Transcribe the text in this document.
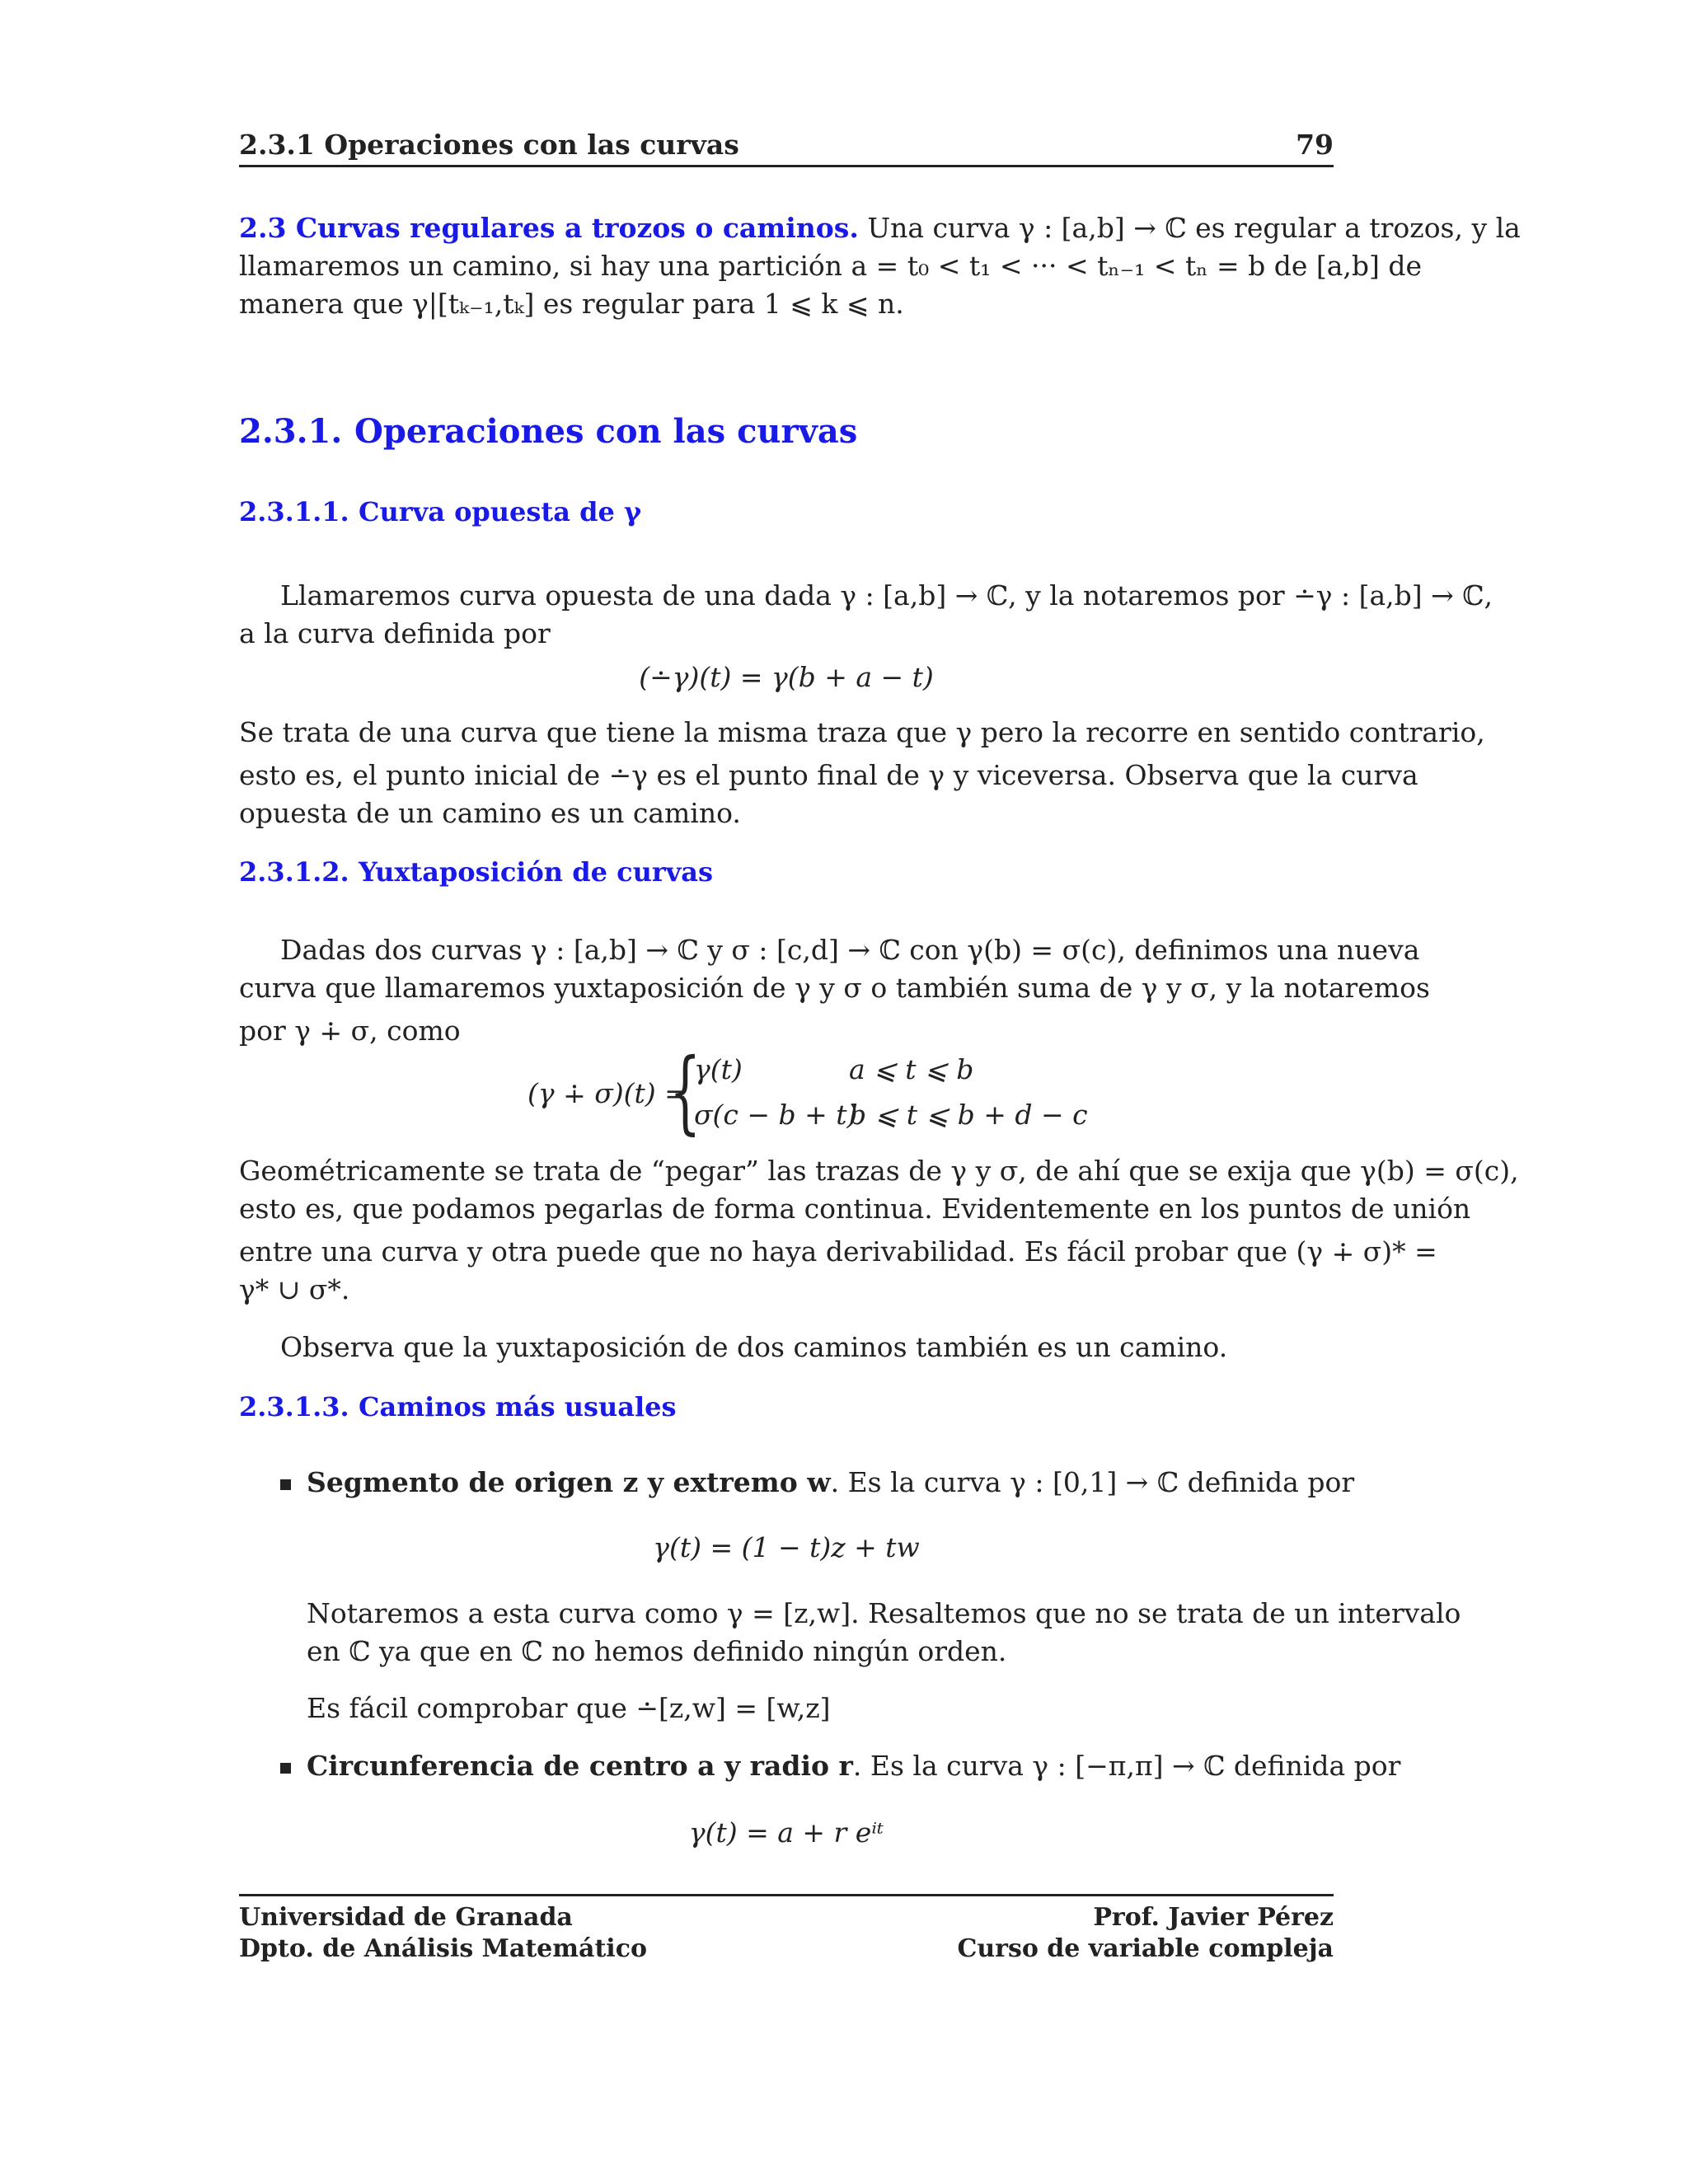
2.3.1 Operaciones con las curvas	79
2.3 Curvas regulares a trozos o caminos. Una curva γ : [a,b] → ℂ es regular a trozos, y la
llamaremos un camino, si hay una partición a = t₀ < t₁ < ··· < tₙ₋₁ < tₙ = b de [a,b] de
manera que γ|[tₖ₋₁,tₖ] es regular para 1 ⩽ k ⩽ n.
2.3.1. Operaciones con las curvas
2.3.1.1. Curva opuesta de γ
Llamaremos curva opuesta de una dada γ : [a,b] → ℂ, y la notaremos por ∸γ : [a,b] → ℂ,
a la curva definida por
(∸γ)(t) = γ(b + a − t)
Se trata de una curva que tiene la misma traza que γ pero la recorre en sentido contrario,
esto es, el punto inicial de ∸γ es el punto final de γ y viceversa. Observa que la curva
opuesta de un camino es un camino.
2.3.1.2. Yuxtaposición de curvas
Dadas dos curvas γ : [a,b] → ℂ y σ : [c,d] → ℂ con γ(b) = σ(c), definimos una nueva
curva que llamaremos yuxtaposición de γ y σ o también suma de γ y σ, y la notaremos
por γ ∔ σ, como
(γ ∔ σ)(t) =
{
γ(t)	a ⩽ t ⩽ b
σ(c − b + t)
b ⩽ t ⩽ b + d − c
Geométricamente se trata de “pegar” las trazas de γ y σ, de ahí que se exija que γ(b) = σ(c),
esto es, que podamos pegarlas de forma continua. Evidentemente en los puntos de unión
entre una curva y otra puede que no haya derivabilidad. Es fácil probar que (γ ∔ σ)* =
γ* ∪ σ*.
Observa que la yuxtaposición de dos caminos también es un camino.
2.3.1.3. Caminos más usuales
Segmento de origen z y extremo w. Es la curva γ : [0,1] → ℂ definida por
γ(t) = (1 − t)z + tw
Notaremos a esta curva como γ = [z,w]. Resaltemos que no se trata de un intervalo
en ℂ ya que en ℂ no hemos definido ningún orden.
Es fácil comprobar que ∸[z,w] = [w,z]
Circunferencia de centro a y radio r. Es la curva γ : [−π,π] → ℂ definida por
γ(t) = a + r eⁱᵗ
Universidad de Granada
Dpto. de Análisis Matemático
Prof. Javier Pérez
Curso de variable compleja
